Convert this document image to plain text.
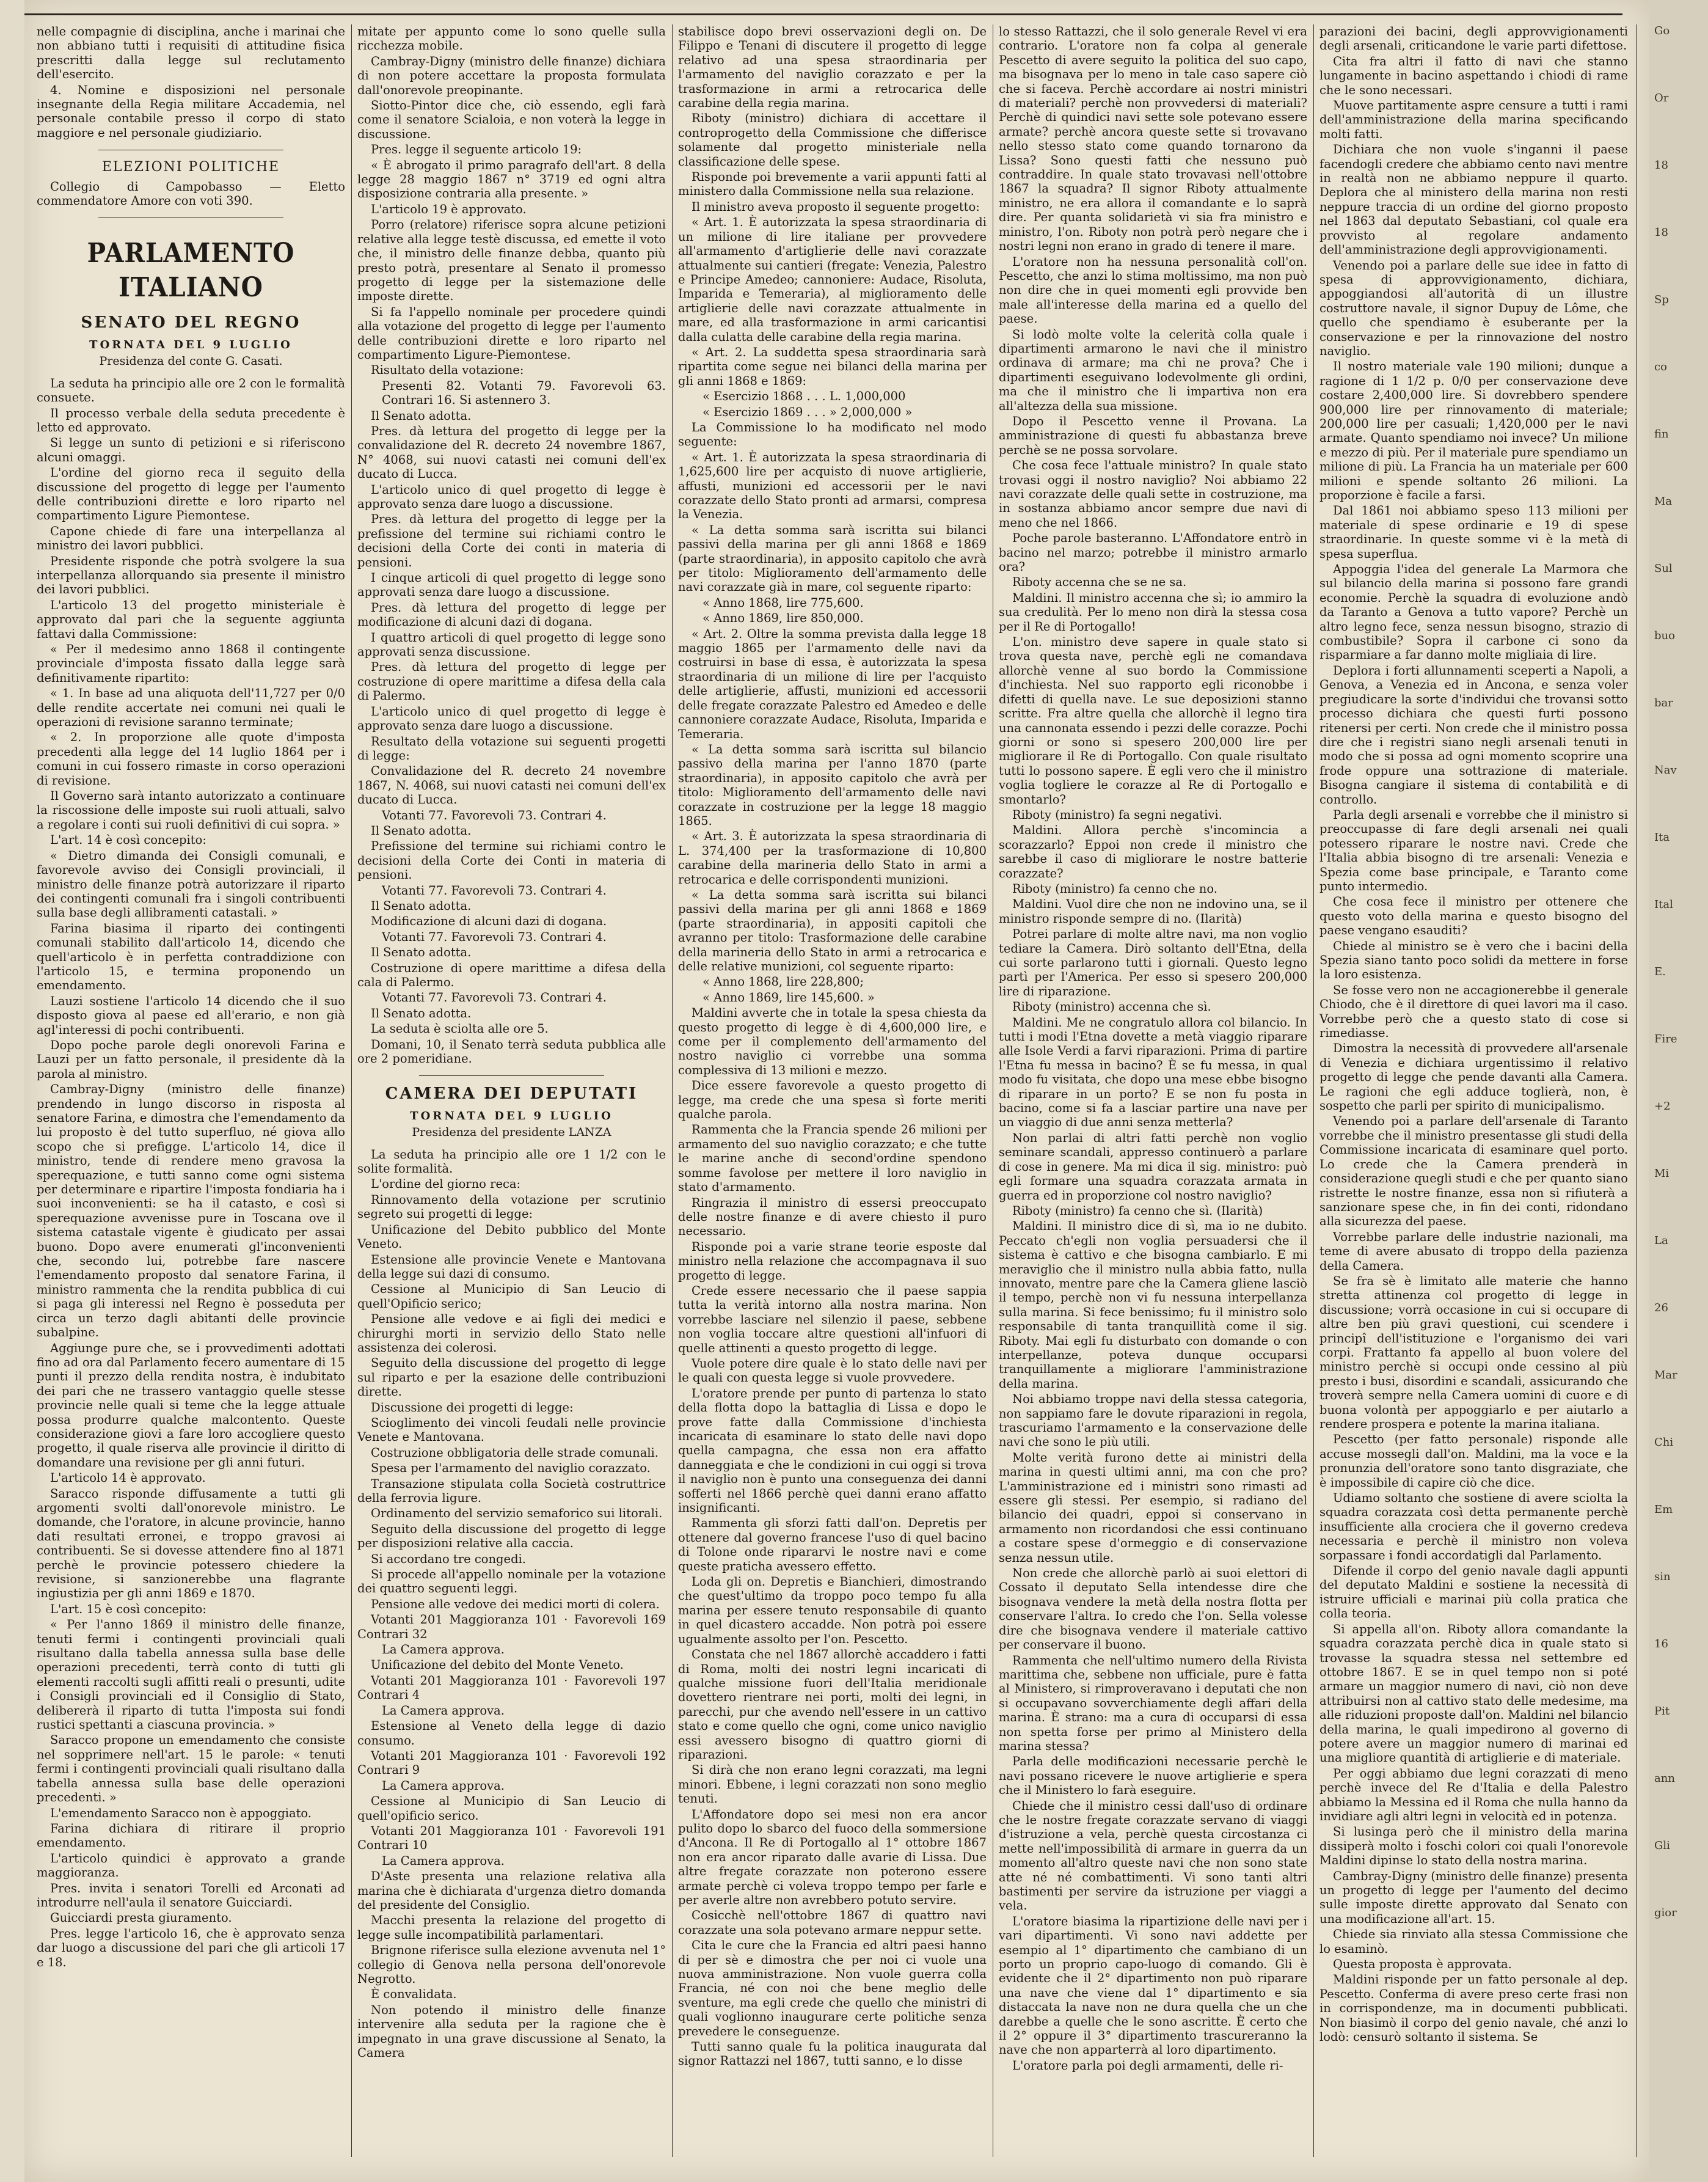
nelle compagnie di disciplina, anche i marinai che non abbiano tutti i requisiti di attitudine fisica prescritti dalla legge sul reclutamento dell'esercito.

4. Nomine e disposizioni nel personale insegnante della Regia militare Accademia, nel personale contabile presso il corpo di stato maggiore e nel personale giudiziario.

ELEZIONI POLITICHE

Collegio di Campobasso — Eletto commendatore Amore con voti 390.

PARLAMENTO ITALIANO
SENATO DEL REGNO
TORNATA DEL 9 LUGLIO
Presidenza del conte G. Casati.

La seduta ha principio alle ore 2 con le formalità consuete.

Il processo verbale della seduta precedente è letto ed approvato.

Si legge un sunto di petizioni e si riferiscono alcuni omaggi.

L'ordine del giorno reca il seguito della discussione del progetto di legge per l'aumento delle contribuzioni dirette e loro riparto nel compartimento Ligure Piemontese.

Capone chiede di fare una interpellanza al ministro dei lavori pubblici.

Presidente risponde che potrà svolgere la sua interpellanza allorquando sia presente il ministro dei lavori pubblici.

L'articolo 13 del progetto ministeriale è approvato dal pari che la seguente aggiunta fattavi dalla Commissione:

« Per il medesimo anno 1868 il contingente provinciale d'imposta fissato dalla legge sarà definitivamente ripartito:

« 1. In base ad una aliquota dell'11,727 per 0/0 delle rendite accertate nei comuni nei quali le operazioni di revisione saranno terminate;

« 2. In proporzione alle quote d'imposta precedenti alla legge del 14 luglio 1864 per i comuni in cui fossero rimaste in corso operazioni di revisione.

Il Governo sarà intanto autorizzato a continuare la riscossione delle imposte sui ruoli attuali, salvo a regolare i conti sui ruoli definitivi di cui sopra. »

L'art. 14 è così concepito:

« Dietro dimanda dei Consigli comunali, e favorevole avviso dei Consigli provinciali, il ministro delle finanze potrà autorizzare il riparto dei contingenti comunali fra i singoli contribuenti sulla base degli allibramenti catastali. »

Farina biasima il riparto dei contingenti comunali stabilito dall'articolo 14, dicendo che quell'articolo è in perfetta contraddizione con l'articolo 15, e termina proponendo un emendamento.

Lauzi sostiene l'articolo 14 dicendo che il suo disposto giova al paese ed all'erario, e non già agl'interessi di pochi contribuenti.

Dopo poche parole degli onorevoli Farina e Lauzi per un fatto personale, il presidente dà la parola al ministro.

Cambray-Digny (ministro delle finanze) prendendo in lungo discorso in risposta al senatore Farina, e dimostra che l'emendamento da lui proposto è del tutto superfluo, né giova allo scopo che si prefigge. L'articolo 14, dice il ministro, tende di rendere meno gravosa la sperequazione, e tutti sanno come ogni sistema per determinare e ripartire l'imposta fondiaria ha i suoi inconvenienti: se ha il catasto, e così si sperequazione avvenisse pure in Toscana ove il sistema catastale vigente è giudicato per assai buono. Dopo avere enumerati gl'inconvenienti che, secondo lui, potrebbe fare nascere l'emendamento proposto dal senatore Farina, il ministro rammenta che la rendita pubblica di cui si paga gli interessi nel Regno è posseduta per circa un terzo dagli abitanti delle provincie subalpine.

Aggiunge pure che, se i provvedimenti adottati fino ad ora dal Parlamento fecero aumentare di 15 punti il prezzo della rendita nostra, è indubitato dei pari che ne trassero vantaggio quelle stesse provincie nelle quali si teme che la legge attuale possa produrre qualche malcontento. Queste considerazione giovi a fare loro accogliere questo progetto, il quale riserva alle provincie il diritto di domandare una revisione per gli anni futuri.

L'articolo 14 è approvato.

Saracco risponde diffusamente a tutti gli argomenti svolti dall'onorevole ministro. Le domande, che l'oratore, in alcune provincie, hanno dati resultati erronei, e troppo gravosi ai contribuenti. Se si dovesse attendere fino al 1871 perchè le provincie potessero chiedere la revisione, si sanzionerebbe una flagrante ingiustizia per gli anni 1869 e 1870.

L'art. 15 è così concepito:

« Per l'anno 1869 il ministro delle finanze, tenuti fermi i contingenti provinciali quali risultano dalla tabella annessa sulla base delle operazioni precedenti, terrà conto di tutti gli elementi raccolti sugli affitti reali o presunti, udite i Consigli provinciali ed il Consiglio di Stato, delibererà il riparto di tutta l'imposta sui fondi rustici spettanti a ciascuna provincia. »

Saracco propone un emendamento che consiste nel sopprimere nell'art. 15 le parole: « tenuti fermi i contingenti provinciali quali risultano dalla tabella annessa sulla base delle operazioni precedenti. »

L'emendamento Saracco non è appoggiato.

Farina dichiara di ritirare il proprio emendamento.

L'articolo quindici è approvato a grande maggioranza.

Pres. invita i senatori Torelli ed Arconati ad introdurre nell'aula il senatore Guicciardi.

Guicciardi presta giuramento.

Pres. legge l'articolo 16, che è approvato senza dar luogo a discussione del pari che gli articoli 17 e 18.

mitate per appunto come lo sono quelle sulla ricchezza mobile.

Cambray-Digny (ministro delle finanze) dichiara di non potere accettare la proposta formulata dall'onorevole preopinante.

Siotto-Pintor dice che, ciò essendo, egli farà come il senatore Scialoia, e non voterà la legge in discussione.

Pres. legge il seguente articolo 19:

« È abrogato il primo paragrafo dell'art. 8 della legge 28 maggio 1867 n° 3719 ed ogni altra disposizione contraria alla presente. »

L'articolo 19 è approvato.

Porro (relatore) riferisce sopra alcune petizioni relative alla legge testè discussa, ed emette il voto che, il ministro delle finanze debba, quanto più presto potrà, presentare al Senato il promesso progetto di legge per la sistemazione delle imposte dirette.

Si fa l'appello nominale per procedere quindi alla votazione del progetto di legge per l'aumento delle contribuzioni dirette e loro riparto nel compartimento Ligure-Piemontese.

Risultato della votazione:

Presenti 82. Votanti 79. Favorevoli 63. Contrari 16. Si astennero 3.

Il Senato adotta.

Pres. dà lettura del progetto di legge per la convalidazione del R. decreto 24 novembre 1867, N° 4068, sui nuovi catasti nei comuni dell'ex ducato di Lucca.

L'articolo unico di quel progetto di legge è approvato senza dare luogo a discussione.

Pres. dà lettura del progetto di legge per la prefissione del termine sui richiami contro le decisioni della Corte dei conti in materia di pensioni.

I cinque articoli di quel progetto di legge sono approvati senza dare luogo a discussione.

Pres. dà lettura del progetto di legge per modificazione di alcuni dazi di dogana.

I quattro articoli di quel progetto di legge sono approvati senza discussione.

Pres. dà lettura del progetto di legge per costruzione di opere marittime a difesa della cala di Palermo.

L'articolo unico di quel progetto di legge è approvato senza dare luogo a discussione.

Resultato della votazione sui seguenti progetti di legge:

Convalidazione del R. decreto 24 novembre 1867, N. 4068, sui nuovi catasti nei comuni dell'ex ducato di Lucca.

Votanti 77. Favorevoli 73. Contrari 4.

Il Senato adotta.

Prefissione del termine sui richiami contro le decisioni della Corte dei Conti in materia di pensioni.

Votanti 77. Favorevoli 73. Contrari 4.

Il Senato adotta.

Modificazione di alcuni dazi di dogana.

Votanti 77. Favorevoli 73. Contrari 4.

Il Senato adotta.

Costruzione di opere marittime a difesa della cala di Palermo.

Votanti 77. Favorevoli 73. Contrari 4.

Il Senato adotta.

La seduta è sciolta alle ore 5.

Domani, 10, il Senato terrà seduta pubblica alle ore 2 pomeridiane.

CAMERA DEI DEPUTATI
TORNATA DEL 9 LUGLIO
Presidenza del presidente LANZA

La seduta ha principio alle ore 1 1/2 con le solite formalità.

L'ordine del giorno reca:

Rinnovamento della votazione per scrutinio segreto sui progetti di legge:

Unificazione del Debito pubblico del Monte Veneto.

Estensione alle provincie Venete e Mantovana della legge sui dazi di consumo.

Cessione al Municipio di San Leucio di quell'Opificio serico;

Pensione alle vedove e ai figli dei medici e chirurghi morti in servizio dello Stato nelle assistenza dei colerosi.

Seguito della discussione del progetto di legge sul riparto e per la esazione delle contribuzioni dirette.

Discussione dei progetti di legge:

Scioglimento dei vincoli feudali nelle provincie Venete e Mantovana.

Costruzione obbligatoria delle strade comunali.

Spesa per l'armamento del naviglio corazzato.

Transazione stipulata colla Società costruttrice della ferrovia ligure.

Ordinamento del servizio semaforico sui litorali.

Seguito della discussione del progetto di legge per disposizioni relative alla caccia.

Si accordano tre congedi.

Si procede all'appello nominale per la votazione dei quattro seguenti leggi.

Pensione alle vedove dei medici morti di colera.

Votanti 201 Maggioranza 101 · Favorevoli 169 Contrari 32

La Camera approva.

Unificazione del debito del Monte Veneto.

Votanti 201 Maggioranza 101 · Favorevoli 197 Contrari 4

La Camera approva.

Estensione al Veneto della legge di dazio consumo.

Votanti 201 Maggioranza 101 · Favorevoli 192 Contrari 9

La Camera approva.

Cessione al Municipio di San Leucio di quell'opificio serico.

Votanti 201 Maggioranza 101 · Favorevoli 191 Contrari 10

La Camera approva.

D'Aste presenta una relazione relativa alla marina che è dichiarata d'urgenza dietro domanda del presidente del Consiglio.

Macchi presenta la relazione del progetto di legge sulle incompatibilità parlamentari.

Brignone riferisce sulla elezione avvenuta nel 1° collegio di Genova nella persona dell'onorevole Negrotto.

È convalidata.

Non potendo il ministro delle finanze intervenire alla seduta per la ragione che è impegnato in una grave discussione al Senato, la Camera

stabilisce dopo brevi osservazioni degli on. De Filippo e Tenani di discutere il progetto di legge relativo ad una spesa straordinaria per l'armamento del naviglio corazzato e per la trasformazione in armi a retrocarica delle carabine della regia marina.

Riboty (ministro) dichiara di accettare il controprogetto della Commissione che differisce solamente dal progetto ministeriale nella classificazione delle spese.

Risponde poi brevemente a varii appunti fatti al ministero dalla Commissione nella sua relazione.

Il ministro aveva proposto il seguente progetto:

« Art. 1. È autorizzata la spesa straordinaria di un milione di lire italiane per provvedere all'armamento d'artiglierie delle navi corazzate attualmente sui cantieri (fregate: Venezia, Palestro e Principe Amedeo; cannoniere: Audace, Risoluta, Imparida e Temeraria), al miglioramento delle artiglierie delle navi corazzate attualmente in mare, ed alla trasformazione in armi caricantisi dalla culatta delle carabine della regia marina.

« Art. 2. La suddetta spesa straordinaria sarà ripartita come segue nei bilanci della marina per gli anni 1868 e 1869:

« Esercizio 1868 . . . L. 1,000,000

« Esercizio 1869 . . . » 2,000,000 »

La Commissione lo ha modificato nel modo seguente:

« Art. 1. È autorizzata la spesa straordinaria di 1,625,600 lire per acquisto di nuove artiglierie, affusti, munizioni ed accessorii per le navi corazzate dello Stato pronti ad armarsi, compresa la Venezia.

« La detta somma sarà iscritta sui bilanci passivi della marina per gli anni 1868 e 1869 (parte straordinaria), in apposito capitolo che avrà per titolo: Miglioramento dell'armamento delle navi corazzate già in mare, col seguente riparto:

« Anno 1868, lire 775,600.

« Anno 1869, lire 850,000.

« Art. 2. Oltre la somma prevista dalla legge 18 maggio 1865 per l'armamento delle navi da costruirsi in base di essa, è autorizzata la spesa straordinaria di un milione di lire per l'acquisto delle artiglierie, affusti, munizioni ed accessorii delle fregate corazzate Palestro ed Amedeo e delle cannoniere corazzate Audace, Risoluta, Imparida e Temeraria.

« La detta somma sarà iscritta sul bilancio passivo della marina per l'anno 1870 (parte straordinaria), in apposito capitolo che avrà per titolo: Miglioramento dell'armamento delle navi corazzate in costruzione per la legge 18 maggio 1865.

« Art. 3. È autorizzata la spesa straordinaria di L. 374,400 per la trasformazione di 10,800 carabine della marineria dello Stato in armi a retrocarica e delle corrispondenti munizioni.

« La detta somma sarà iscritta sui bilanci passivi della marina per gli anni 1868 e 1869 (parte straordinaria), in appositi capitoli che avranno per titolo: Trasformazione delle carabine della marineria dello Stato in armi a retrocarica e delle relative munizioni, col seguente riparto:

« Anno 1868, lire 228,800;

« Anno 1869, lire 145,600. »

Maldini avverte che in totale la spesa chiesta da questo progetto di legge è di 4,600,000 lire, e come per il complemento dell'armamento del nostro naviglio ci vorrebbe una somma complessiva di 13 milioni e mezzo.

Dice essere favorevole a questo progetto di legge, ma crede che una spesa sì forte meriti qualche parola.

Rammenta che la Francia spende 26 milioni per armamento del suo naviglio corazzato; e che tutte le marine anche di second'ordine spendono somme favolose per mettere il loro naviglio in stato d'armamento.

Ringrazia il ministro di essersi preoccupato delle nostre finanze e di avere chiesto il puro necessario.

Risponde poi a varie strane teorie esposte dal ministro nella relazione che accompagnava il suo progetto di legge.

Crede essere necessario che il paese sappia tutta la verità intorno alla nostra marina. Non vorrebbe lasciare nel silenzio il paese, sebbene non voglia toccare altre questioni all'infuori di quelle attinenti a questo progetto di legge.

Vuole potere dire quale è lo stato delle navi per le quali con questa legge si vuole provvedere.

L'oratore prende per punto di partenza lo stato della flotta dopo la battaglia di Lissa e dopo le prove fatte dalla Commissione d'inchiesta incaricata di esaminare lo stato delle navi dopo quella campagna, che essa non era affatto danneggiata e che le condizioni in cui oggi si trova il naviglio non è punto una conseguenza dei danni sofferti nel 1866 perchè quei danni erano affatto insignificanti.

Rammenta gli sforzi fatti dall'on. Depretis per ottenere dal governo francese l'uso di quel bacino di Tolone onde ripararvi le nostre navi e come queste praticha avessero effetto.

Loda gli on. Depretis e Bianchieri, dimostrando che quest'ultimo da troppo poco tempo fu alla marina per essere tenuto responsabile di quanto in quel dicastero accadde. Non potrà poi essere ugualmente assolto per l'on. Pescetto.

Constata che nel 1867 allorchè accaddero i fatti di Roma, molti dei nostri legni incaricati di qualche missione fuori dell'Italia meridionale dovettero rientrare nei porti, molti dei legni, in parecchi, pur che avendo nell'essere in un cattivo stato e come quello che ogni, come unico naviglio essi avessero bisogno di quattro giorni di riparazioni.

Si dirà che non erano legni corazzati, ma legni minori. Ebbene, i legni corazzati non sono meglio tenuti.

L'Affondatore dopo sei mesi non era ancor pulito dopo lo sbarco del fuoco della sommersione d'Ancona. Il Re di Portogallo al 1° ottobre 1867 non era ancor riparato dalle avarie di Lissa. Due altre fregate corazzate non poterono essere armate perchè ci voleva troppo tempo per farle e per averle altre non avrebbero potuto servire.

Cosicchè nell'ottobre 1867 di quattro navi corazzate una sola potevano armare neppur sette.

Cita le cure che la Francia ed altri paesi hanno di per sè e dimostra che per noi ci vuole una nuova amministrazione. Non vuole guerra colla Francia, né con noi che bene meglio delle sventure, ma egli crede che quello che ministri di quali voglionno inaugurare certe politiche senza prevedere le conseguenze.

Tutti sanno quale fu la politica inaugurata dal signor Rattazzi nel 1867, tutti sanno, e lo disse

lo stesso Rattazzi, che il solo generale Revel vi era contrario. L'oratore non fa colpa al generale Pescetto di avere seguito la politica del suo capo, ma bisognava per lo meno in tale caso sapere ciò che si faceva. Perchè accordare ai nostri ministri di materiali? perchè non provvedersi di materiali? Perchè di quindici navi sette sole potevano essere armate? perchè ancora queste sette si trovavano nello stesso stato come quando tornarono da Lissa? Sono questi fatti che nessuno può contraddire. In quale stato trovavasi nell'ottobre 1867 la squadra? Il signor Riboty attualmente ministro, ne era allora il comandante e lo saprà dire. Per quanta solidarietà vi sia fra ministro e ministro, l'on. Riboty non potrà però negare che i nostri legni non erano in grado di tenere il mare.

L'oratore non ha nessuna personalità coll'on. Pescetto, che anzi lo stima moltissimo, ma non può non dire che in quei momenti egli provvide ben male all'interesse della marina ed a quello del paese.

Si lodò molte volte la celerità colla quale i dipartimenti armarono le navi che il ministro ordinava di armare; ma chi ne prova? Che i dipartimenti eseguivano lodevolmente gli ordini, ma che il ministro che li impartiva non era all'altezza della sua missione.

Dopo il Pescetto venne il Provana. La amministrazione di questi fu abbastanza breve perchè se ne possa sorvolare.

Che cosa fece l'attuale ministro? In quale stato trovasi oggi il nostro naviglio? Noi abbiamo 22 navi corazzate delle quali sette in costruzione, ma in sostanza abbiamo ancor sempre due navi di meno che nel 1866.

Poche parole basteranno. L'Affondatore entrò in bacino nel marzo; potrebbe il ministro armarlo ora?

Riboty accenna che se ne sa.

Maldini. Il ministro accenna che sì; io ammiro la sua credulità. Per lo meno non dirà la stessa cosa per il Re di Portogallo!

L'on. ministro deve sapere in quale stato si trova questa nave, perchè egli ne comandava allorchè venne al suo bordo la Commissione d'inchiesta. Nel suo rapporto egli riconobbe i difetti di quella nave. Le sue deposizioni stanno scritte. Fra altre quella che allorchè il legno tira una cannonata essendo i pezzi delle corazze. Pochi giorni or sono si spesero 200,000 lire per migliorare il Re di Portogallo. Con quale risultato tutti lo possono sapere. È egli vero che il ministro voglia togliere le corazze al Re di Portogallo e smontarlo?

Riboty (ministro) fa segni negativi.

Maldini. Allora perchè s'incomincia a scorazzarlo? Eppoi non crede il ministro che sarebbe il caso di migliorare le nostre batterie corazzate?

Riboty (ministro) fa cenno che no.

Maldini. Vuol dire che non ne indovino una, se il ministro risponde sempre di no. (Ilarità)

Potrei parlare di molte altre navi, ma non voglio tediare la Camera. Dirò soltanto dell'Etna, della cui sorte parlarono tutti i giornali. Questo legno partì per l'America. Per esso si spesero 200,000 lire di riparazione.

Riboty (ministro) accenna che sì.

Maldini. Me ne congratulo allora col bilancio. In tutti i modi l'Etna dovette a metà viaggio riparare alle Isole Verdi a farvi riparazioni. Prima di partire l'Etna fu messa in bacino? È se fu messa, in qual modo fu visitata, che dopo una mese ebbe bisogno di riparare in un porto? E se non fu posta in bacino, come si fa a lasciar partire una nave per un viaggio di due anni senza metterla?

Non parlai di altri fatti perchè non voglio seminare scandali, appresso continuerò a parlare di cose in genere. Ma mi dica il sig. ministro: può egli formare una squadra corazzata armata in guerra ed in proporzione col nostro naviglio?

Riboty (ministro) fa cenno che sì. (Ilarità)

Maldini. Il ministro dice di sì, ma io ne dubito. Peccato ch'egli non voglia persuadersi che il sistema è cattivo e che bisogna cambiarlo. E mi meraviglio che il ministro nulla abbia fatto, nulla innovato, mentre pare che la Camera gliene lasciò il tempo, perchè non vi fu nessuna interpellanza sulla marina. Si fece benissimo; fu il ministro solo responsabile di tanta tranquillità come il sig. Riboty. Mai egli fu disturbato con domande o con interpellanze, poteva dunque occuparsi tranquillamente a migliorare l'amministrazione della marina.

Noi abbiamo troppe navi della stessa categoria, non sappiamo fare le dovute riparazioni in regola, trascuriamo l'armamento e la conservazione delle navi che sono le più utili.

Molte verità furono dette ai ministri della marina in questi ultimi anni, ma con che pro? L'amministrazione ed i ministri sono rimasti ad essere gli stessi. Per esempio, si radiano del bilancio dei quadri, eppoi si conservano in armamento non ricordandosi che essi continuano a costare spese d'ormeggio e di conservazione senza nessun utile.

Non crede che allorchè parlò ai suoi elettori di Cossato il deputato Sella intendesse dire che bisognava vendere la metà della nostra flotta per conservare l'altra. Io credo che l'on. Sella volesse dire che bisognava vendere il materiale cattivo per conservare il buono.

Rammenta che nell'ultimo numero della Rivista marittima che, sebbene non ufficiale, pure è fatta al Ministero, si rimproveravano i deputati che non si occupavano sovverchiamente degli affari della marina. È strano: ma a cura di occuparsi di essa non spetta forse per primo al Ministero della marina stessa?

Parla delle modificazioni necessarie perchè le navi possano ricevere le nuove artiglierie e spera che il Ministero lo farà eseguire.

Chiede che il ministro cessi dall'uso di ordinare che le nostre fregate corazzate servano di viaggi d'istruzione a vela, perchè questa circostanza ci mette nell'impossibilità di armare in guerra da un momento all'altro queste navi che non sono state atte né né combattimenti. Vi sono tanti altri bastimenti per servire da istruzione per viaggi a vela.

L'oratore biasima la ripartizione delle navi per i vari dipartimenti. Vi sono navi addette per esempio al 1° dipartimento che cambiano di un porto un proprio capo-luogo di comando. Gli è evidente che il 2° dipartimento non può riparare una nave che viene dal 1° dipartimento e sia distaccata la nave non ne dura quella che un che darebbe a quelle che le sono ascritte. È certo che il 2° oppure il 3° dipartimento trascureranno la nave che non apparterrà al loro dipartimento.

L'oratore parla poi degli armamenti, delle ri-

parazioni dei bacini, degli approvvigionamenti degli arsenali, criticandone le varie parti difettose.

Cita fra altri il fatto di navi che stanno lungamente in bacino aspettando i chiodi di rame che le sono necessari.

Muove partitamente aspre censure a tutti i rami dell'amministrazione della marina specificando molti fatti.

Dichiara che non vuole s'inganni il paese facendogli credere che abbiamo cento navi mentre in realtà non ne abbiamo neppure il quarto. Deplora che al ministero della marina non resti neppure traccia di un ordine del giorno proposto nel 1863 dal deputato Sebastiani, col quale era provvisto al regolare andamento dell'amministrazione degli approvvigionamenti.

Venendo poi a parlare delle sue idee in fatto di spesa di approvvigionamento, dichiara, appoggiandosi all'autorità di un illustre costruttore navale, il signor Dupuy de Lôme, che quello che spendiamo è esuberante per la conservazione e per la rinnovazione del nostro naviglio.

Il nostro materiale vale 190 milioni; dunque a ragione di 1 1/2 p. 0/0 per conservazione deve costare 2,400,000 lire. Si dovrebbero spendere 900,000 lire per rinnovamento di materiale; 200,000 lire per casuali; 1,420,000 per le navi armate. Quanto spendiamo noi invece? Un milione e mezzo di più. Per il materiale pure spendiamo un milione di più. La Francia ha un materiale per 600 milioni e spende soltanto 26 milioni. La proporzione è facile a farsi.

Dal 1861 noi abbiamo speso 113 milioni per materiale di spese ordinarie e 19 di spese straordinarie. In queste somme vi è la metà di spesa superflua.

Appoggia l'idea del generale La Marmora che sul bilancio della marina si possono fare grandi economie. Perchè la squadra di evoluzione andò da Taranto a Genova a tutto vapore? Perchè un altro legno fece, senza nessun bisogno, strazio di combustibile? Sopra il carbone ci sono da risparmiare a far danno molte migliaia di lire.

Deplora i forti allunnamenti sceperti a Napoli, a Genova, a Venezia ed in Ancona, e senza voler pregiudicare la sorte d'individui che trovansi sotto processo dichiara che questi furti possono ritenersi per certi. Non crede che il ministro possa dire che i registri siano negli arsenali tenuti in modo che si possa ad ogni momento scoprire una frode oppure una sottrazione di materiale. Bisogna cangiare il sistema di contabilità e di controllo.

Parla degli arsenali e vorrebbe che il ministro si preoccupasse di fare degli arsenali nei quali potessero riparare le nostre navi. Crede che l'Italia abbia bisogno di tre arsenali: Venezia e Spezia come base principale, e Taranto come punto intermedio.

Che cosa fece il ministro per ottenere che questo voto della marina e questo bisogno del paese vengano esauditi?

Chiede al ministro se è vero che i bacini della Spezia siano tanto poco solidi da mettere in forse la loro esistenza.

Se fosse vero non ne accagionerebbe il generale Chiodo, che è il direttore di quei lavori ma il caso. Vorrebbe però che a questo stato di cose si rimediasse.

Dimostra la necessità di provvedere all'arsenale di Venezia e dichiara urgentissimo il relativo progetto di legge che pende davanti alla Camera. Le ragioni che egli adduce toglierà, non, è sospetto che parli per spirito di municipalismo.

Venendo poi a parlare dell'arsenale di Taranto vorrebbe che il ministro presentasse gli studi della Commissione incaricata di esaminare quel porto. Lo crede che la Camera prenderà in considerazione quegli studi e che per quanto siano ristrette le nostre finanze, essa non si rifiuterà a sanzionare spese che, in fin dei conti, ridondano alla sicurezza del paese.

Vorrebbe parlare delle industrie nazionali, ma teme di avere abusato di troppo della pazienza della Camera.

Se fra sè è limitato alle materie che hanno stretta attinenza col progetto di legge in discussione; vorrà occasione in cui si occupare di altre ben più gravi questioni, cui scendere i principî dell'istituzione e l'organismo dei vari corpi. Frattanto fa appello al buon volere del ministro perchè si occupi onde cessino al più presto i busi, disordini e scandali, assicurando che troverà sempre nella Camera uomini di cuore e di buona volontà per appoggiarlo e per aiutarlo a rendere prospera e potente la marina italiana.

Pescetto (per fatto personale) risponde alle accuse mossegli dall'on. Maldini, ma la voce e la pronunzia dell'oratore sono tanto disgraziate, che è impossibile di capire ciò che dice.

Udiamo soltanto che sostiene di avere sciolta la squadra corazzata così detta permanente perchè insufficiente alla crociera che il governo credeva necessaria e perchè il ministro non voleva sorpassare i fondi accordatigli dal Parlamento.

Difende il corpo del genio navale dagli appunti del deputato Maldini e sostiene la necessità di istruire ufficiali e marinai più colla pratica che colla teoria.

Si appella all'on. Riboty allora comandante la squadra corazzata perchè dica in quale stato si trovasse la squadra stessa nel settembre ed ottobre 1867. E se in quel tempo non si poté armare un maggior numero di navi, ciò non deve attribuirsi non al cattivo stato delle medesime, ma alle riduzioni proposte dall'on. Maldini nel bilancio della marina, le quali impedirono al governo di potere avere un maggior numero di marinai ed una migliore quantità di artiglierie e di materiale.

Per oggi abbiamo due legni corazzati di meno perchè invece del Re d'Italia e della Palestro abbiamo la Messina ed il Roma che nulla hanno da invidiare agli altri legni in velocità ed in potenza.

Si lusinga però che il ministro della marina dissiperà molto i foschi colori coi quali l'onorevole Maldini dipinse lo stato della nostra marina.

Cambray-Digny (ministro delle finanze) presenta un progetto di legge per l'aumento del decimo sulle imposte dirette approvato dal Senato con una modificazione all'art. 15.

Chiede sia rinviato alla stessa Commissione che lo esaminò.

Questa proposta è approvata.

Maldini risponde per un fatto personale al dep. Pescetto. Conferma di avere preso certe frasi non in corrispondenze, ma in documenti pubblicati. Non biasimò il corpo del genio navale, ché anzi lo lodò: censurò soltanto il sistema. Se

Go
Or
18
18
Sp
co
fin
Ma
Sul
buo
bar
Nav
Ita
Ital
E.
Fire
+2
Mi
La
26
Mar
Chi
Em
sin
16
Pit
ann
Gli
gior
